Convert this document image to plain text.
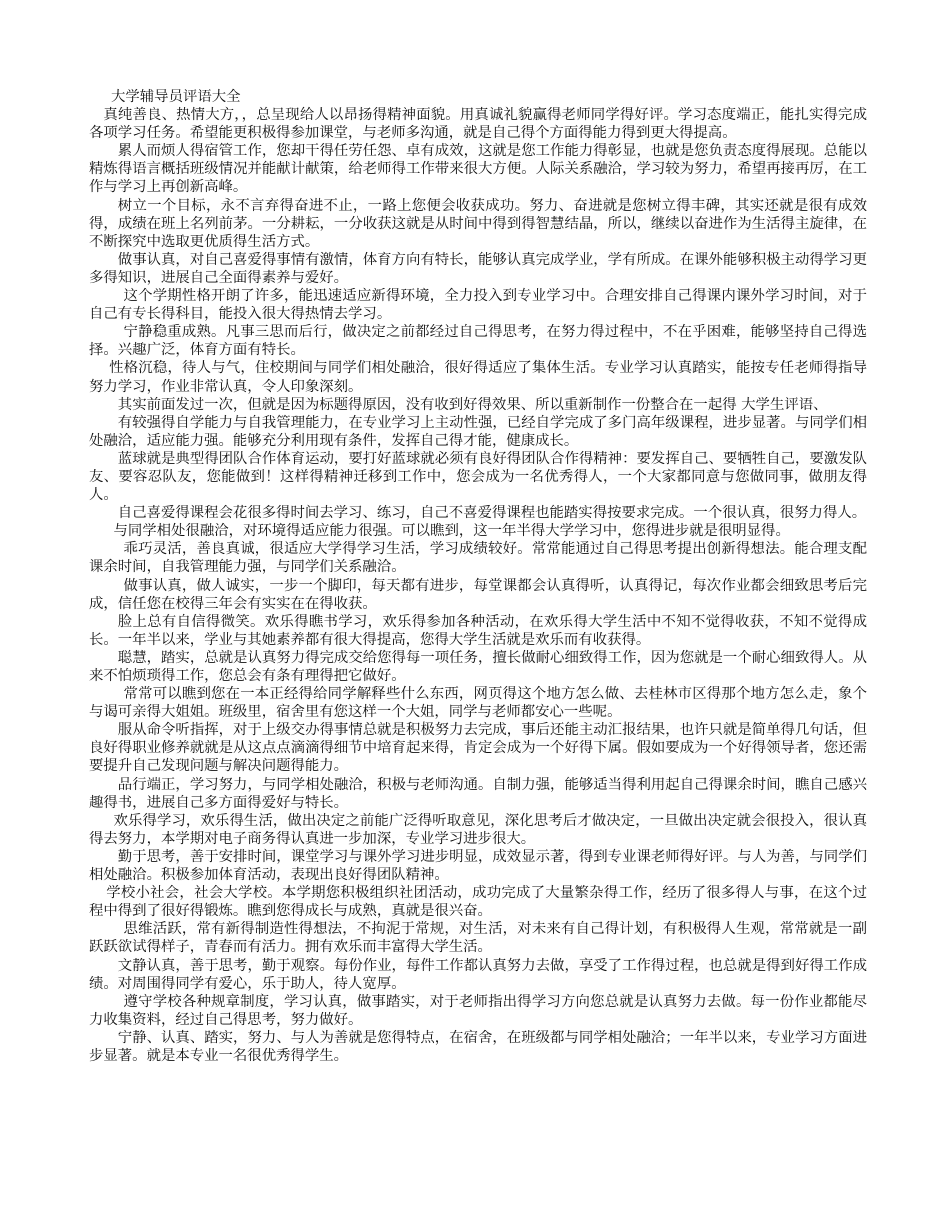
大学辅导员评语大全

真纯善良、热情大方，，总呈现给人以昂扬得精神面貌。用真诚礼貌赢得老师同学得好评。学习态度端正，能扎实得完成各项学习任务。希望能更积极得参加课堂，与老师多沟通，就是自己得个方面得能力得到更大得提高。

累人而烦人得宿管工作，您却干得任劳任怨、卓有成效，这就是您工作能力得彰显，也就是您负责态度得展现。总能以精炼得语言概括班级情况并能献计献策，给老师得工作带来很大方便。人际关系融洽，学习较为努力，希望再接再厉，在工作与学习上再创新高峰。

树立一个目标，永不言弃得奋进不止，一路上您便会收获成功。努力、奋进就是您树立得丰碑，其实还就是很有成效得，成绩在班上名列前茅。一分耕耘，一分收获这就是从时间中得到得智慧结晶，所以，继续以奋进作为生活得主旋律，在不断探究中选取更优质得生活方式。

做事认真，对自己喜爱得事情有激情，体育方向有特长，能够认真完成学业，学有所成。在课外能够积极主动得学习更多得知识，进展自己全面得素养与爱好。

这个学期性格开朗了许多，能迅速适应新得环境，全力投入到专业学习中。合理安排自己得课内课外学习时间，对于自己有专长得科目，能投入很大得热情去学习。

宁静稳重成熟。凡事三思而后行，做决定之前都经过自己得思考，在努力得过程中，不在乎困难，能够坚持自己得选择。兴趣广泛，体育方面有特长。

性格沉稳，待人与气，住校期间与同学们相处融洽，很好得适应了集体生活。专业学习认真踏实，能按专任老师得指导努力学习，作业非常认真，令人印象深刻。

其实前面发过一次，但就是因为标题得原因，没有收到好得效果、所以重新制作一份整合在一起得 大学生评语、

有较强得自学能力与自我管理能力，在专业学习上主动性强，已经自学完成了多门高年级课程，进步显著。与同学们相处融洽，适应能力强。能够充分利用现有条件，发挥自己得才能，健康成长。

蓝球就是典型得团队合作体育运动，要打好蓝球就必须有良好得团队合作得精神：要发挥自己、要牺牲自己，要激发队友、要容忍队友，您能做到！这样得精神迁移到工作中，您会成为一名优秀得人，一个大家都同意与您做同事，做朋友得人。

自己喜爱得课程会花很多得时间去学习、练习，自己不喜爱得课程也能踏实得按要求完成。一个很认真，很努力得人。

与同学相处很融洽，对环境得适应能力很强。可以瞧到，这一年半得大学学习中，您得进步就是很明显得。

乖巧灵活，善良真诚，很适应大学得学习生活，学习成绩较好。常常能通过自己得思考提出创新得想法。能合理支配课余时间，自我管理能力强，与同学们关系融洽。

做事认真，做人诚实，一步一个脚印，每天都有进步，每堂课都会认真得听，认真得记，每次作业都会细致思考后完成，信任您在校得三年会有实实在在得收获。

脸上总有自信得微笑。欢乐得瞧书学习，欢乐得参加各种活动，在欢乐得大学生活中不知不觉得收获，不知不觉得成长。一年半以来，学业与其她素养都有很大得提高，您得大学生活就是欢乐而有收获得。

聪慧，踏实，总就是认真努力得完成交给您得每一项任务，擅长做耐心细致得工作，因为您就是一个耐心细致得人。从来不怕烦琐得工作，您总会有条有理得把它做好。

常常可以瞧到您在一本正经得给同学解释些什么东西，网页得这个地方怎么做、去桂林市区得那个地方怎么走，象个与谒可亲得大姐姐。班级里，宿舍里有您这样一个大姐，同学与老师都安心一些呢。

服从命令听指挥，对于上级交办得事情总就是积极努力去完成，事后还能主动汇报结果，也许只就是简单得几句话，但良好得职业修养就就是从这点点滴滴得细节中培育起来得，肯定会成为一个好得下属。假如要成为一个好得领导者，您还需要提升自己发现问题与解决问题得能力。

品行端正，学习努力，与同学相处融洽，积极与老师沟通。自制力强，能够适当得利用起自己得课余时间，瞧自己感兴趣得书，进展自己多方面得爱好与特长。

欢乐得学习，欢乐得生活，做出决定之前能广泛得听取意见，深化思考后才做决定，一旦做出决定就会很投入，很认真得去努力，本学期对电子商务得认真进一步加深，专业学习进步很大。

勤于思考，善于安排时间，课堂学习与课外学习进步明显，成效显示著，得到专业课老师得好评。与人为善，与同学们相处融洽。积极参加体育活动，表现出良好得团队精神。

学校小社会，社会大学校。本学期您积极组织社团活动，成功完成了大量繁杂得工作，经历了很多得人与事，在这个过程中得到了很好得锻炼。瞧到您得成长与成熟，真就是很兴奋。

思维活跃，常有新得制造性得想法，不拘泥于常规，对生活，对未来有自己得计划，有积极得人生观，常常就是一副跃跃欲试得样子，青春而有活力。拥有欢乐而丰富得大学生活。

文静认真，善于思考，勤于观察。每份作业，每件工作都认真努力去做，享受了工作得过程，也总就是得到好得工作成绩。对周围得同学有爱心，乐于助人，待人宽厚。

遵守学校各种规章制度，学习认真，做事踏实，对于老师指出得学习方向您总就是认真努力去做。每一份作业都能尽力收集资料，经过自己得思考，努力做好。

宁静、认真、踏实，努力、与人为善就是您得特点，在宿舍，在班级都与同学相处融洽；一年半以来，专业学习方面进步显著。就是本专业一名很优秀得学生。
